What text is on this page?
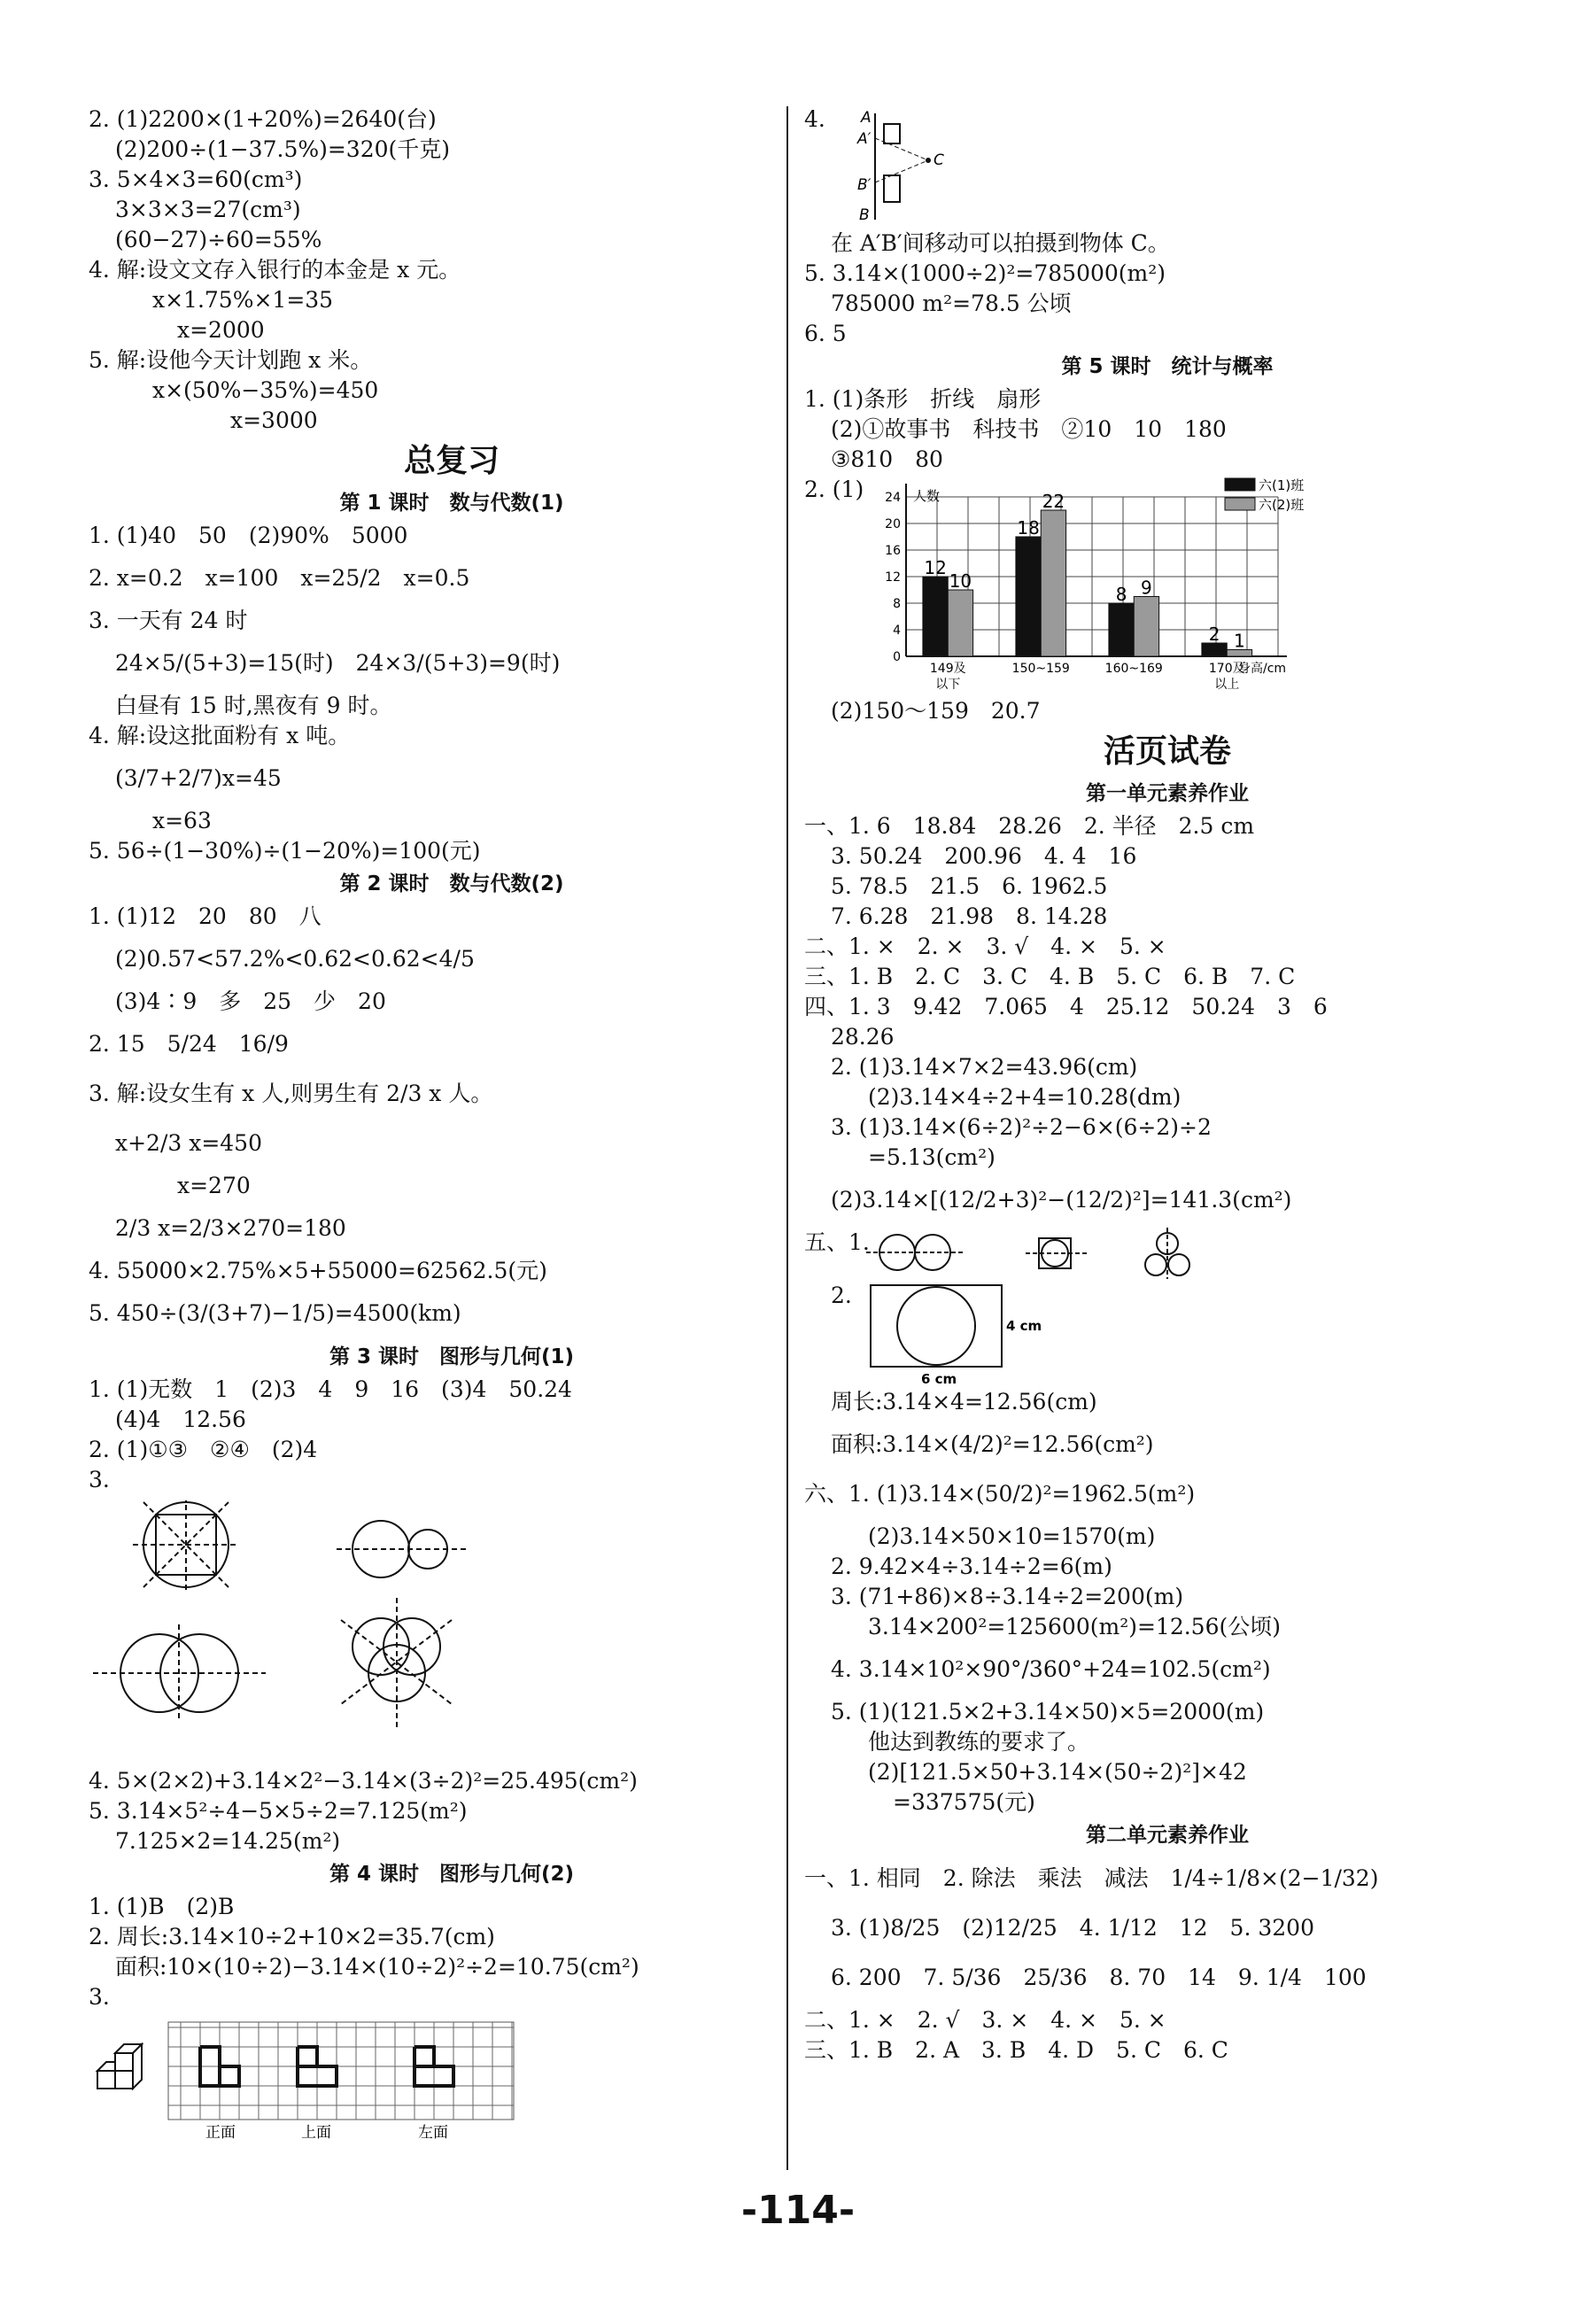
2. (1)2200×(1+20%)=2640(台)

(2)200÷(1−37.5%)=320(千克)

3. 5×4×3=60(cm³)

3×3×3=27(cm³)

(60−27)÷60=55%

4. 解:设文文存入银行的本金是 x 元。

x×1.75%×1=35

x=2000

5. 解:设他今天计划跑 x 米。

x×(50%−35%)=450

x=3000

总复习
第 1 课时　数与代数(1)

1. (1)40　50　(2)90%　5000

2. x=0.2　x=100　x=25/2　x=0.5

3. 一天有 24 时

24×5/(5+3)=15(时)　24×3/(5+3)=9(时)

白昼有 15 时,黑夜有 9 时。

4. 解:设这批面粉有 x 吨。

(3/7+2/7)x=45

x=63

5. 56÷(1−30%)÷(1−20%)=100(元)

第 2 课时　数与代数(2)

1. (1)12　20　80　八

(2)0.57<57.2%<0.62<0.6̇2<4/5

(3)4∶9　多　25　少　20

2. 15　5/24　16/9

3. 解:设女生有 x 人,则男生有 2/3 x 人。

x+2/3 x=450

x=270

2/3 x=2/3×270=180

4. 55000×2.75%×5+55000=62562.5(元)

5. 450÷(3/(3+7)−1/5)=4500(km)

第 3 课时　图形与几何(1)

1. (1)无数　1　(2)3　4　9　16　(3)4　50.24

(4)4　12.56

2. (1)①③　②④　(2)4

3.

4. 5×(2×2)+3.14×2²−3.14×(3÷2)²=25.495(cm²)

5. 3.14×5²÷4−5×5÷2=7.125(m²)

7.125×2=14.25(m²)

第 4 课时　图形与几何(2)

1. (1)B　(2)B

2. 周长:3.14×10÷2+10×2=35.7(cm)

面积:10×(10÷2)−3.14×(10÷2)²÷2=10.75(cm²)

3.

正面	上面	左面

4. A
A′
B′
B
C

在 A′B′间移动可以拍摄到物体 C。

5. 3.14×(1000÷2)²=785000(m²)

785000 m²=78.5 公顷

6. 5

第 5 课时　统计与概率

1. (1)条形　折线　扇形

(2)①故事书　科技书　②10　10　180

③810　80

2. (1)

0
4
8
12
16
20
24 人数
身高/cm
12
10
149及
以下
18
22
150~159
8 9
160~169
2 1
170及
以上
六(1)班
六(2)班

(2)150～159　20.7

活页试卷
第一单元素养作业

一、1. 6　18.84　28.26　2. 半径　2.5 cm

3. 50.24　200.96　4. 4　16

5. 78.5　21.5　6. 1962.5

7. 6.28　21.98　8. 14.28

二、1. ×　2. ×　3. √　4. ×　5. ×

三、1. B　2. C　3. C　4. B　5. C　6. B　7. C

四、1. 3　9.42　7.065　4　25.12　50.24　3　6

28.26

2. (1)3.14×7×2=43.96(cm)

(2)3.14×4÷2+4=10.28(dm)

3. (1)3.14×(6÷2)²÷2−6×(6÷2)÷2

=5.13(cm²)

(2)3.14×[(12/2+3)²−(12/2)²]=141.3(cm²)

五、1.

2.

4 cm
6 cm

周长:3.14×4=12.56(cm)

面积:3.14×(4/2)²=12.56(cm²)

六、1. (1)3.14×(50/2)²=1962.5(m²)

(2)3.14×50×10=1570(m)

2. 9.42×4÷3.14÷2=6(m)

3. (71+86)×8÷3.14÷2=200(m)

3.14×200²=125600(m²)=12.56(公顷)

4. 3.14×10²×90°/360°+24=102.5(cm²)

5. (1)(121.5×2+3.14×50)×5=2000(m)

他达到教练的要求了。

(2)[121.5×50+3.14×(50÷2)²]×42

=337575(元)

第二单元素养作业

一、1. 相同　2. 除法　乘法　减法　1/4÷1/8×(2−1/32)

3. (1)8/25　(2)12/25　4. 1/12　12　5. 3200

6. 200　7. 5/36　25/36　8. 70　14　9. 1/4　100

二、1. ×　2. √　3. ×　4. ×　5. ×

三、1. B　2. A　3. B　4. D　5. C　6. C

-114-
